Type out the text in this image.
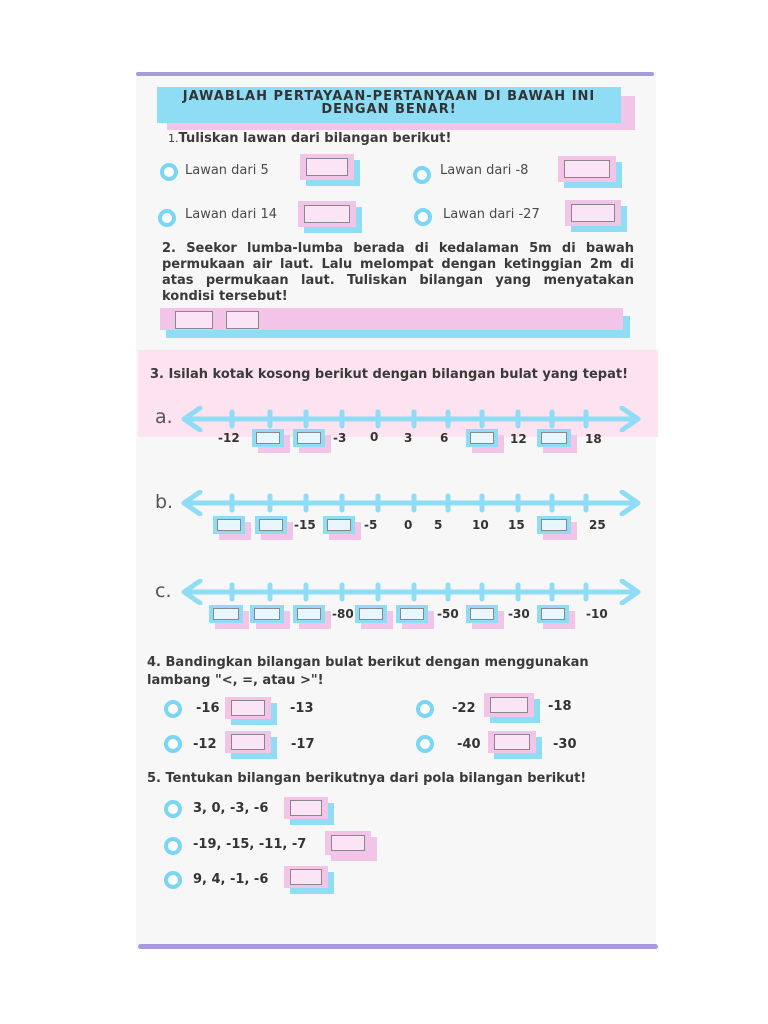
JAWABLAH PERTAYAAN-PERTANYAAN DI BAWAH INI DENGAN BENAR!
1.Tuliskan lawan dari bilangan berikut!
Lawan dari 5	Lawan dari -8
Lawan dari 14	Lawan dari -27
2. Seekor lumba-lumba berada di kedalaman 5m di bawah permukaan air laut. Lalu melompat dengan ketinggian 2m di atas permukaan laut. Tuliskan bilangan yang menyatakan kondisi tersebut!
3. Isilah kotak kosong berikut dengan bilangan bulat yang tepat!
a.
-12	-3 0 3 6	12	18
b.
-15	-5 0 5 10 15	25
c.
-80	-50	-30	-10
4. Bandingkan bilangan bulat berikut dengan menggunakan lambang "<, =, atau >"!
-16	-13	-22	-18
-12	-17	-40	-30
5. Tentukan bilangan berikutnya dari pola bilangan berikut!
3, 0, -3, -6
-19, -15, -11, -7
9, 4, -1, -6
